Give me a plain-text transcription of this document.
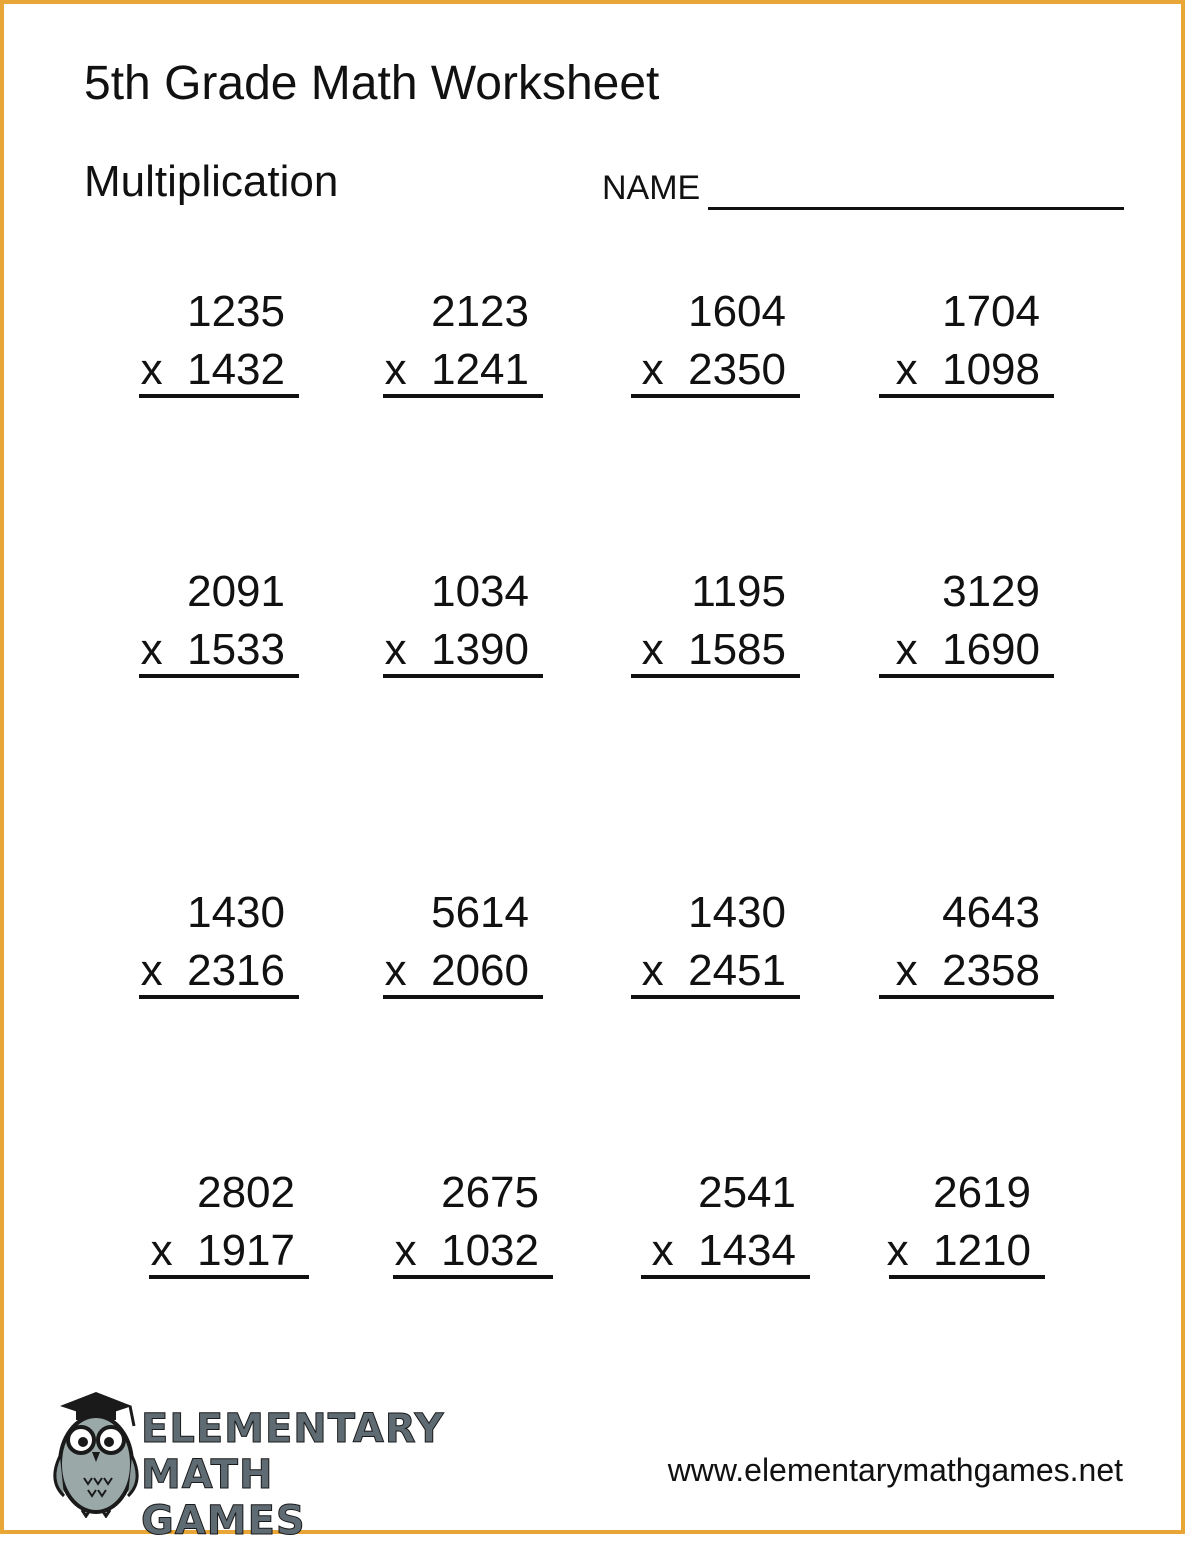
5th Grade Math Worksheet
Multiplication	NAME
1235
x  1432
2123
x  1241
1604
x  2350
1704
x  1098
2091
x  1533
1034
x  1390
1195
x  1585
3129
x  1690
1430
x  2316
5614
x  2060
1430
x  2451
4643
x  2358
2802
x  1917
2675
x  1032
2541
x  1434
2619
x  1210
ELEMENTARY
MATH GAMES
www.elementarymathgames.net
